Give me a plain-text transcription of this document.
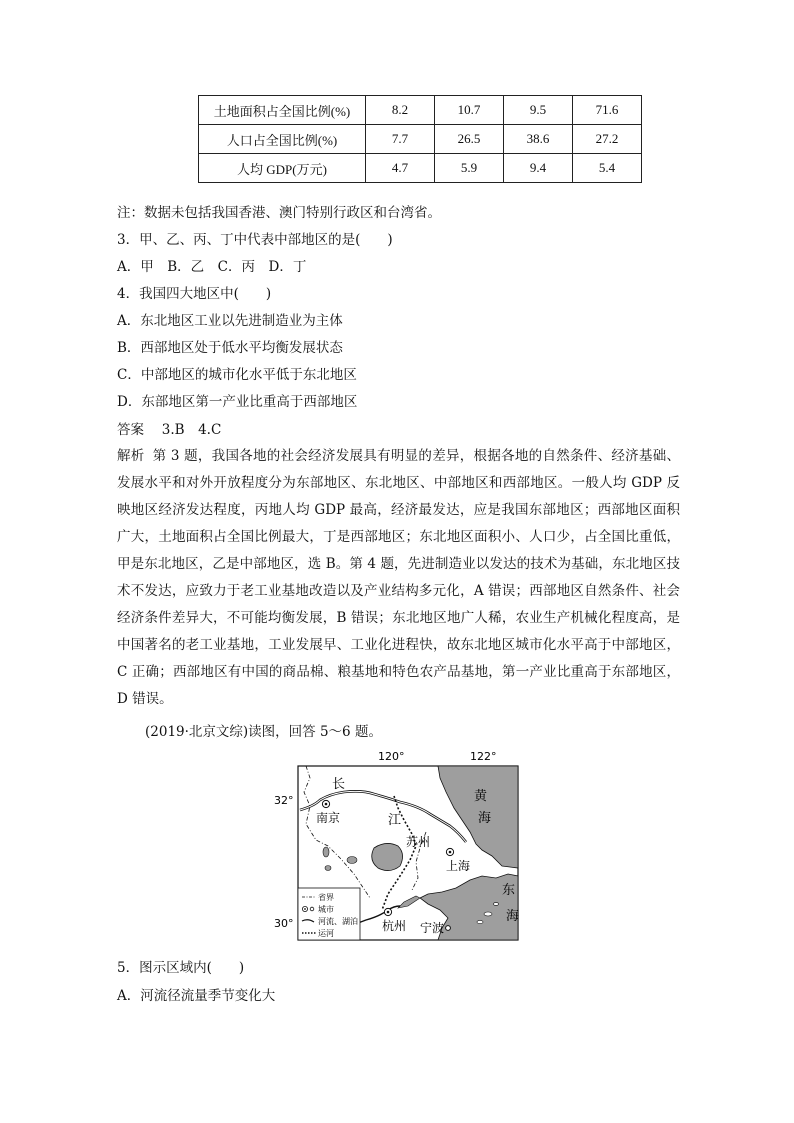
土地面积占全国比例(%)	8.2	10.7	9.5	71.6
人口占全国比例(%)	7.7	26.5	38.6	27.2
人均 GDP(万元)	4.7	5.9	9.4	5.4
注：数据未包括我国香港、澳门特别行政区和台湾省。
3．甲、乙、丙、丁中代表中部地区的是(　　)
A．甲　B．乙　C．丙　D．丁
4．我国四大地区中(　　)
A．东北地区工业以先进制造业为主体
B．西部地区处于低水平均衡发展状态
C．中部地区的城市化水平低于东北地区
D．东部地区第一产业比重高于西部地区
答案　 3.B　4.C
解析 第 3 题，我国各地的社会经济发展具有明显的差异，根据各地的自然条件、经济基础、发展水平和对外开放程度分为东部地区、东北地区、中部地区和西部地区。一般人均 GDP 反映地区经济发达程度，丙地人均 GDP 最高，经济最发达，应是我国东部地区；西部地区面积广大，土地面积占全国比例最大，丁是西部地区；东北地区面积小、人口少，占全国比重低，甲是东北地区，乙是中部地区，选 B。第 4 题，先进制造业以发达的技术为基础，东北地区技术不发达，应致力于老工业基地改造以及产业结构多元化，A 错误；西部地区自然条件、社会经济条件差异大，不可能均衡发展，B 错误；东北地区地广人稀，农业生产机械化程度高，是中国著名的老工业基地，工业发展早、工业化进程快，故东北地区城市化水平高于中部地区，C 正确；西部地区有中国的商品棉、粮基地和特色农产品基地，第一产业比重高于东部地区，D 错误。
(2019·北京文综)读图，回答 5～6 题。
120°	122°
32°
30°
长
江
黄
海
东
海
南京
苏州
上海
杭州 宁波
省界
城市
河流、湖泊
运河
5．图示区域内(　　)
A．河流径流量季节变化大
